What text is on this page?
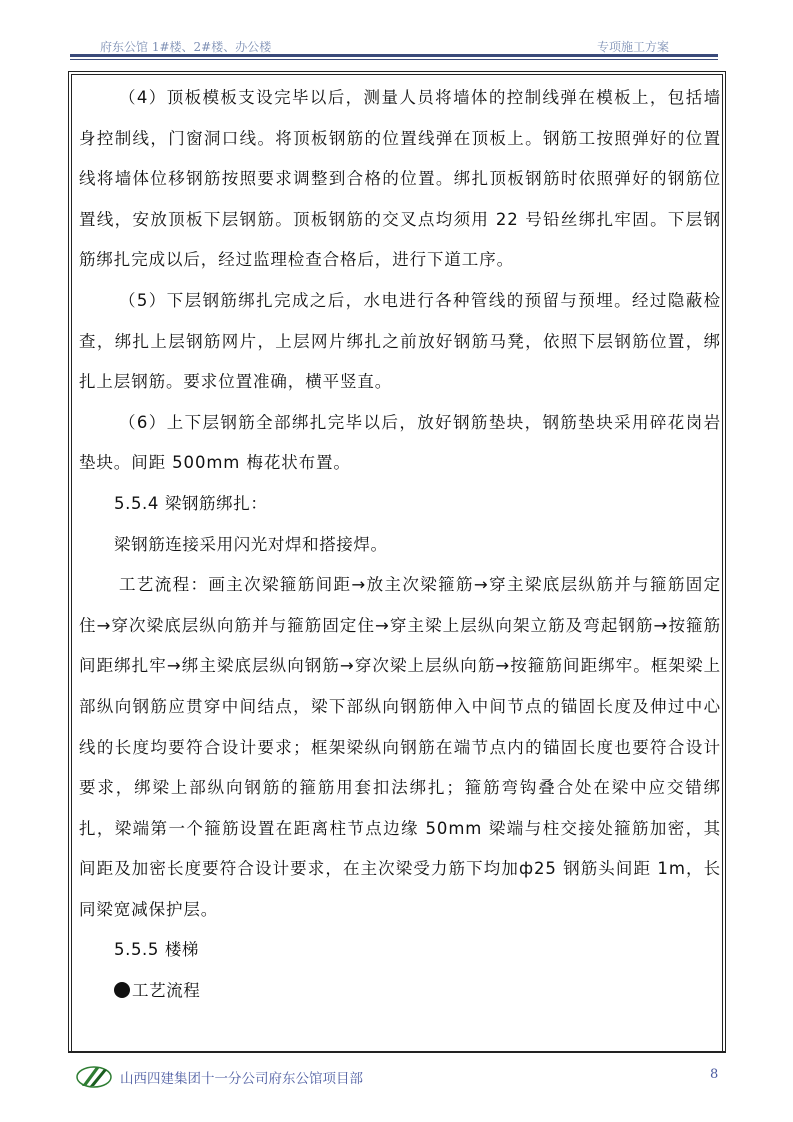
府东公馆 1#楼、2#楼、办公楼	专项施工方案

（4）顶板模板支设完毕以后，测量人员将墙体的控制线弹在模板上，包括墙身控制线，门窗洞口线。将顶板钢筋的位置线弹在顶板上。钢筋工按照弹好的位置线将墙体位移钢筋按照要求调整到合格的位置。绑扎顶板钢筋时依照弹好的钢筋位置线，安放顶板下层钢筋。顶板钢筋的交叉点均须用 22 号铅丝绑扎牢固。下层钢筋绑扎完成以后，经过监理检查合格后，进行下道工序。

（5）下层钢筋绑扎完成之后，水电进行各种管线的预留与预埋。经过隐蔽检查，绑扎上层钢筋网片，上层网片绑扎之前放好钢筋马凳，依照下层钢筋位置，绑扎上层钢筋。要求位置准确，横平竖直。

（6）上下层钢筋全部绑扎完毕以后，放好钢筋垫块，钢筋垫块采用碎花岗岩垫块。间距 500mm 梅花状布置。

5.5.4 梁钢筋绑扎：

梁钢筋连接采用闪光对焊和搭接焊。

工艺流程：画主次梁箍筋间距→放主次梁箍筋→穿主梁底层纵筋并与箍筋固定住→穿次梁底层纵向筋并与箍筋固定住→穿主梁上层纵向架立筋及弯起钢筋→按箍筋间距绑扎牢→绑主梁底层纵向钢筋→穿次梁上层纵向筋→按箍筋间距绑牢。框架梁上部纵向钢筋应贯穿中间结点，梁下部纵向钢筋伸入中间节点的锚固长度及伸过中心线的长度均要符合设计要求；框架梁纵向钢筋在端节点内的锚固长度也要符合设计要求，绑梁上部纵向钢筋的箍筋用套扣法绑扎；箍筋弯钩叠合处在梁中应交错绑扎，梁端第一个箍筋设置在距离柱节点边缘 50mm 梁端与柱交接处箍筋加密，其间距及加密长度要符合设计要求，在主次梁受力筋下均加ф25 钢筋头间距 1m，长同梁宽减保护层。

5.5.5 楼梯

工艺流程

山西四建集团十一分公司府东公馆项目部	8
